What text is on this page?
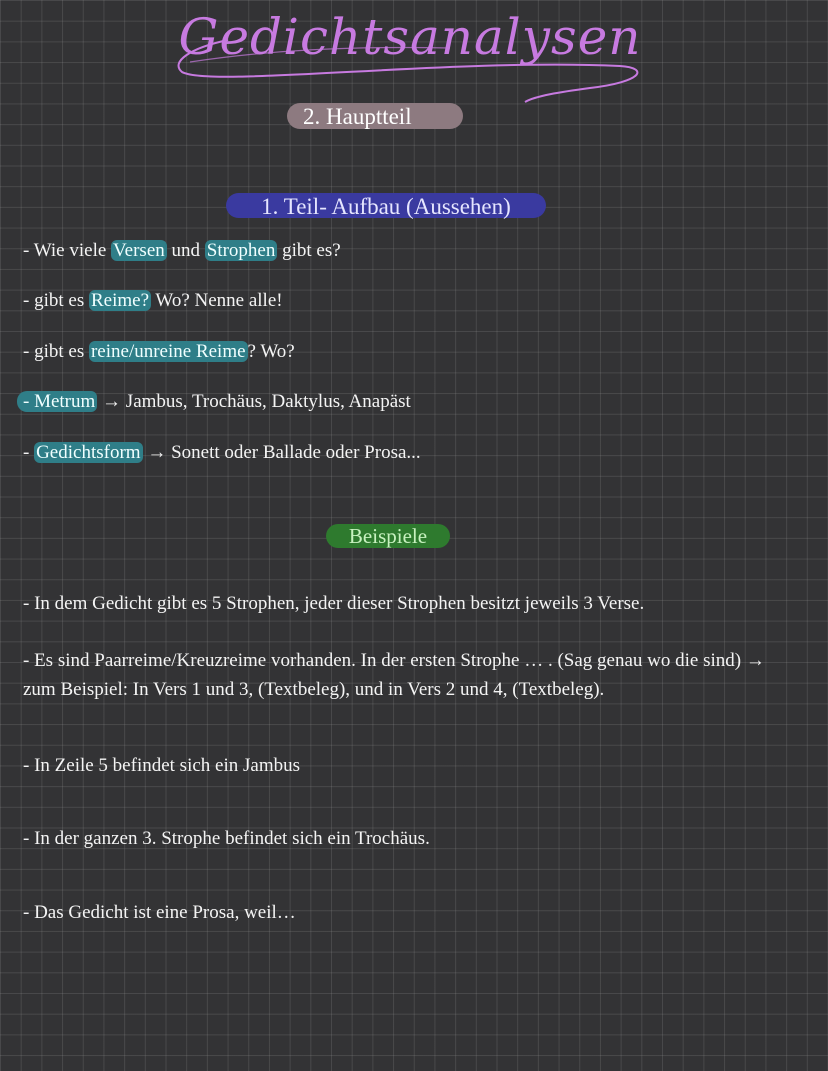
Gedichtsanalysen
2. Hauptteil
1. Teil- Aufbau (Aussehen)
- Wie viele Versen und Strophen gibt es?
- gibt es Reime? Wo? Nenne alle!
- gibt es reine/unreine Reime ? Wo?
- Metrum → Jambus, Trochäus, Daktylus, Anapäst
- Gedichtsform → Sonett oder Ballade oder Prosa...
Beispiele
- In dem Gedicht gibt es 5 Strophen, jeder dieser Strophen besitzt jeweils 3 Verse.
- Es sind Paarreime/Kreuzreime vorhanden. In der ersten Strophe … . (Sag genau wo die sind) → zum Beispiel: In Vers 1 und 3, (Textbeleg), und in Vers 2 und 4, (Textbeleg).
- In Zeile 5 befindet sich ein Jambus
- In der ganzen 3. Strophe befindet sich ein Trochäus.
- Das Gedicht ist eine Prosa, weil…
